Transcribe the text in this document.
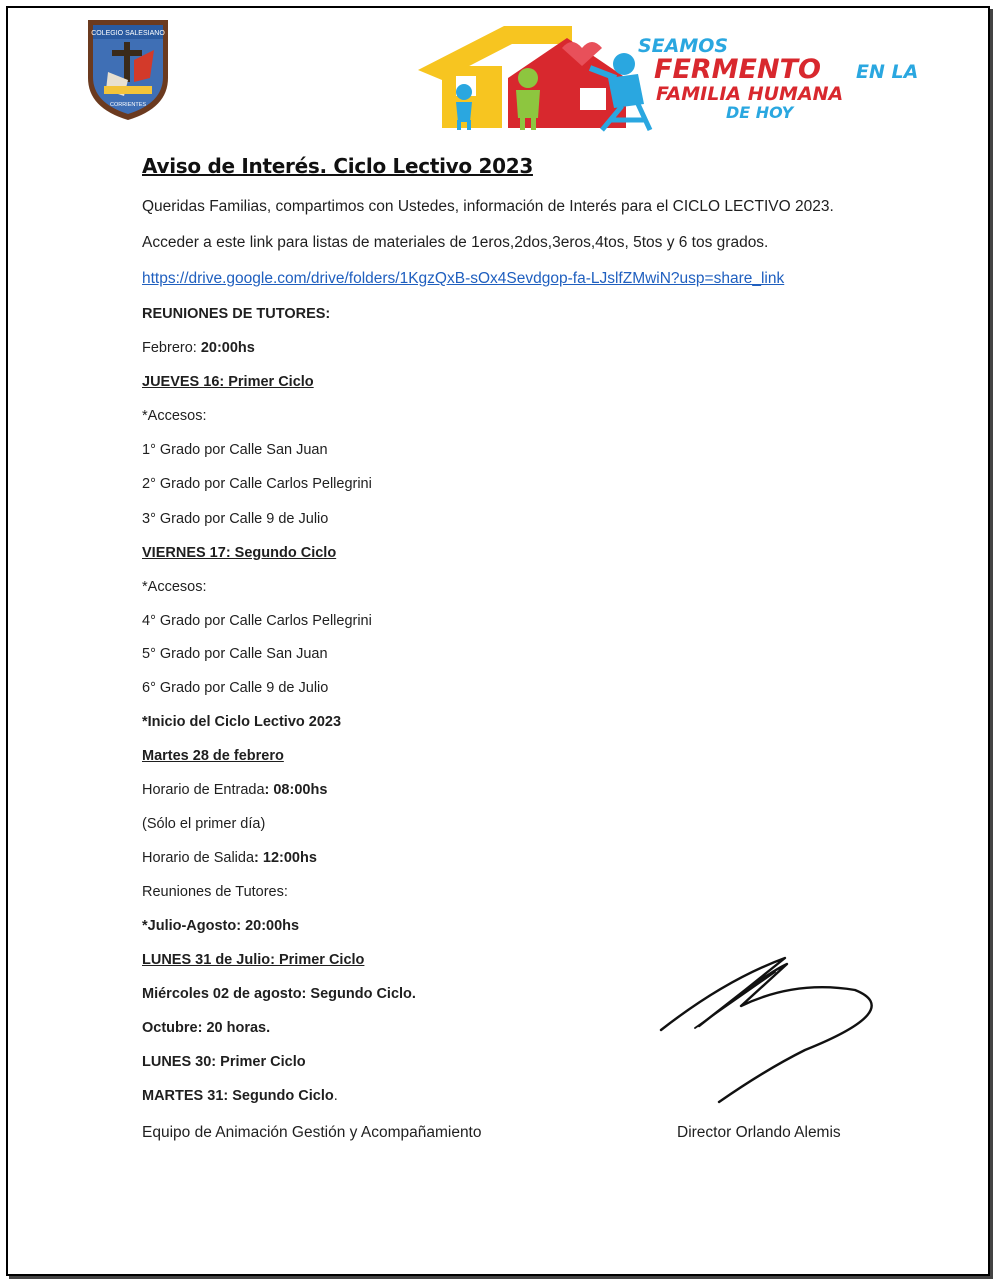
COLEGIO SALESIANO
CORRIENTES
SEAMOS
FERMENTO EN LA
FAMILIA HUMANA
DE HOY
Aviso de Interés. Ciclo Lectivo 2023
Queridas Familias, compartimos con Ustedes, información de Interés para el CICLO LECTIVO 2023.
Acceder a este link para listas de materiales de 1eros,2dos,3eros,4tos, 5tos y 6 tos grados.
https://drive.google.com/drive/folders/1KgzQxB-sOx4Sevdgop-fa-LJslfZMwiN?usp=share_link
REUNIONES DE TUTORES:
Febrero: 20:00hs
JUEVES 16: Primer Ciclo
*Accesos:
1° Grado por Calle San Juan
2° Grado por Calle Carlos Pellegrini
3° Grado por Calle 9 de Julio
VIERNES 17: Segundo Ciclo
*Accesos:
4° Grado por Calle Carlos Pellegrini
5° Grado por Calle San Juan
6° Grado por Calle 9 de Julio
*Inicio del Ciclo Lectivo 2023
Martes 28 de febrero
Horario de Entrada: 08:00hs
(Sólo el primer día)
Horario de Salida: 12:00hs
Reuniones de Tutores:
*Julio-Agosto: 20:00hs
LUNES 31 de Julio: Primer Ciclo
Miércoles 02 de agosto: Segundo Ciclo.
Octubre: 20 horas.
LUNES 30: Primer Ciclo
MARTES 31: Segundo Ciclo.
Equipo de Animación Gestión y Acompañamiento	Director Orlando Alemis
